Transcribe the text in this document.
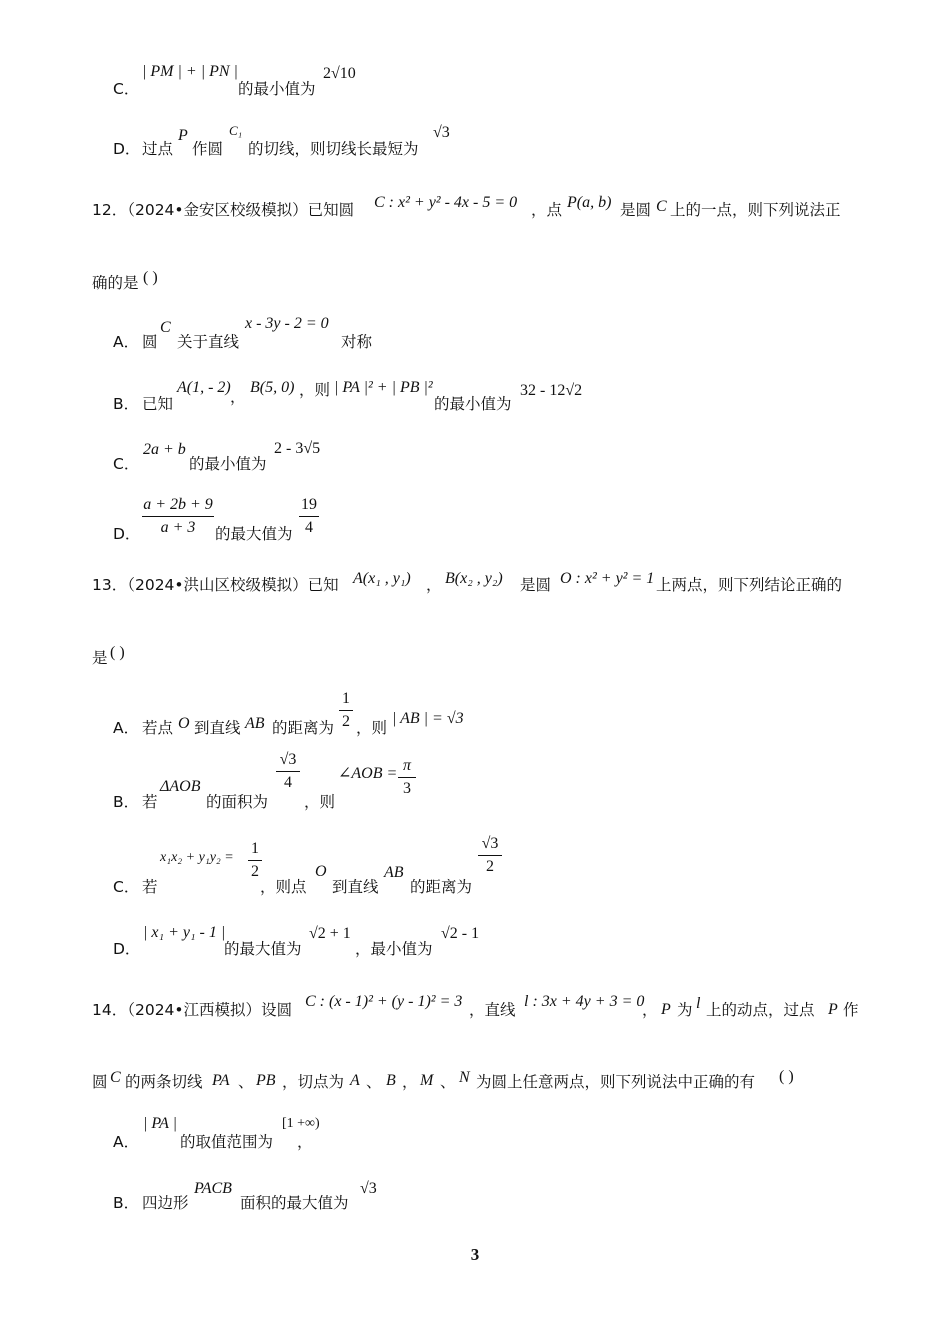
C．
| PM | + | PN |
的最小值为
2√10
D． 过点
P
作圆
C₁
的切线，则切线长最短为
√3
12．（2024•金安区校级模拟）已知圆 C : x² + y² - 4x - 5 = 0 ，点 P(a, b) 是圆 C 上的一点，则下列说法正
确的是 ( )
A． 圆
C
关于直线
x - 3y - 2 = 0
对称
B． 已知
A(1, - 2)
，
B(5, 0) ，则 | PA |² + | PB |²
的最小值为
32 - 12√2
C．
2a + b
的最小值为
2 - 3√5
D．
a + 2b + 9
a + 3	的最大值为
19
4
13．（2024•洪山区校级模拟）已知 A(x₁ , y₁) ， B(x₂ , y₂) 是圆 O : x² + y² = 1 上两点，则下列结论正确的
是 ( )
A． 若点 O 到直线 AB 的距离为
1
2 ，则
| AB | = √3
B． 若
ΔAOB
的面积为
√3
4
，则
∠AOB = π
3
C． 若
x₁x₂ + y₁y₂ =
1
2
，则点
O
到直线
AB
的距离为
√3
2
D．
| x₁ + y₁ - 1 |
的最大值为
√2 + 1
，最小值为
√2 - 1
14．（2024•江西模拟）设圆 C : (x - 1)² + (y - 1)² = 3 ，直线 l : 3x + 4y + 3 = 0
， P 为 l 上的动点，过点 P 作
圆 C 的两条切线 PA 、 PB ，切点为 A 、 B ， M 、 N 为圆上任意两点，则下列说法中正确的有 ( )
A．
| PA |
的取值范围为
[1 +∞)
，
B． 四边形
PACB
面积的最大值为
√3
3
